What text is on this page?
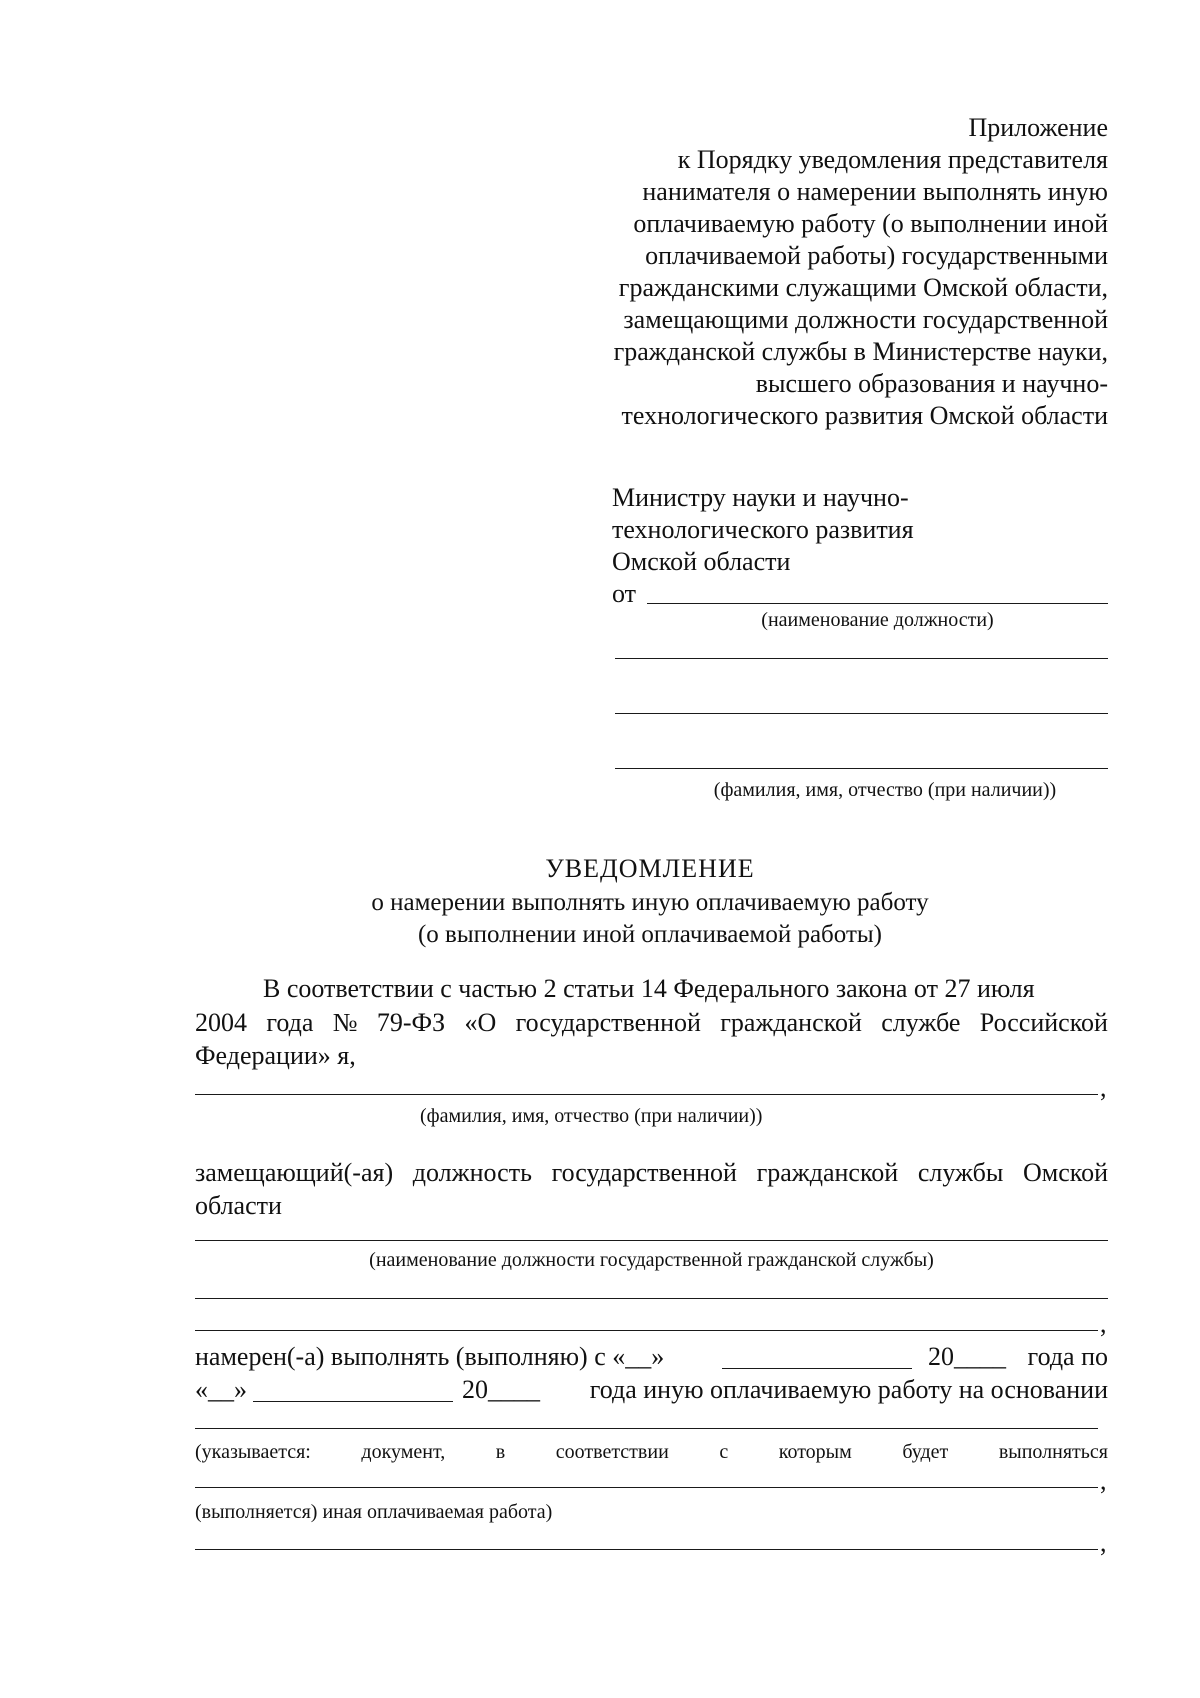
Приложение
к Порядку уведомления представителя
нанимателя о намерении выполнять иную
оплачиваемую работу (о выполнении иной
оплачиваемой работы) государственными
гражданскими служащими Омской области,
замещающими должности государственной
гражданской службы в Министерстве науки,
высшего образования и научно-
технологического развития Омской области
Министру науки и научно-
технологического развития
Омской области
от
(наименование должности)
(фамилия, имя, отчество (при наличии))
УВЕДОМЛЕНИЕ
о намерении выполнять иную оплачиваемую работу
(о выполнении иной оплачиваемой работы)
В соответствии с частью 2 статьи 14 Федерального закона от 27 июля
2004 года № 79-ФЗ «О государственной гражданской службе Российской
Федерации» я,
,
(фамилия, имя, отчество (при наличии))
замещающий(-ая) должность государственной гражданской службы Омской
области
(наименование должности государственной гражданской службы)
,
намерен(-а) выполнять (выполняю) с «__»	20____ года по
«__»	20____ года иную оплачиваемую работу на основании
(указывается:	документ,	в	соответствии	с	которым	будет	выполняться
,
(выполняется) иная оплачиваемая работа)
,
